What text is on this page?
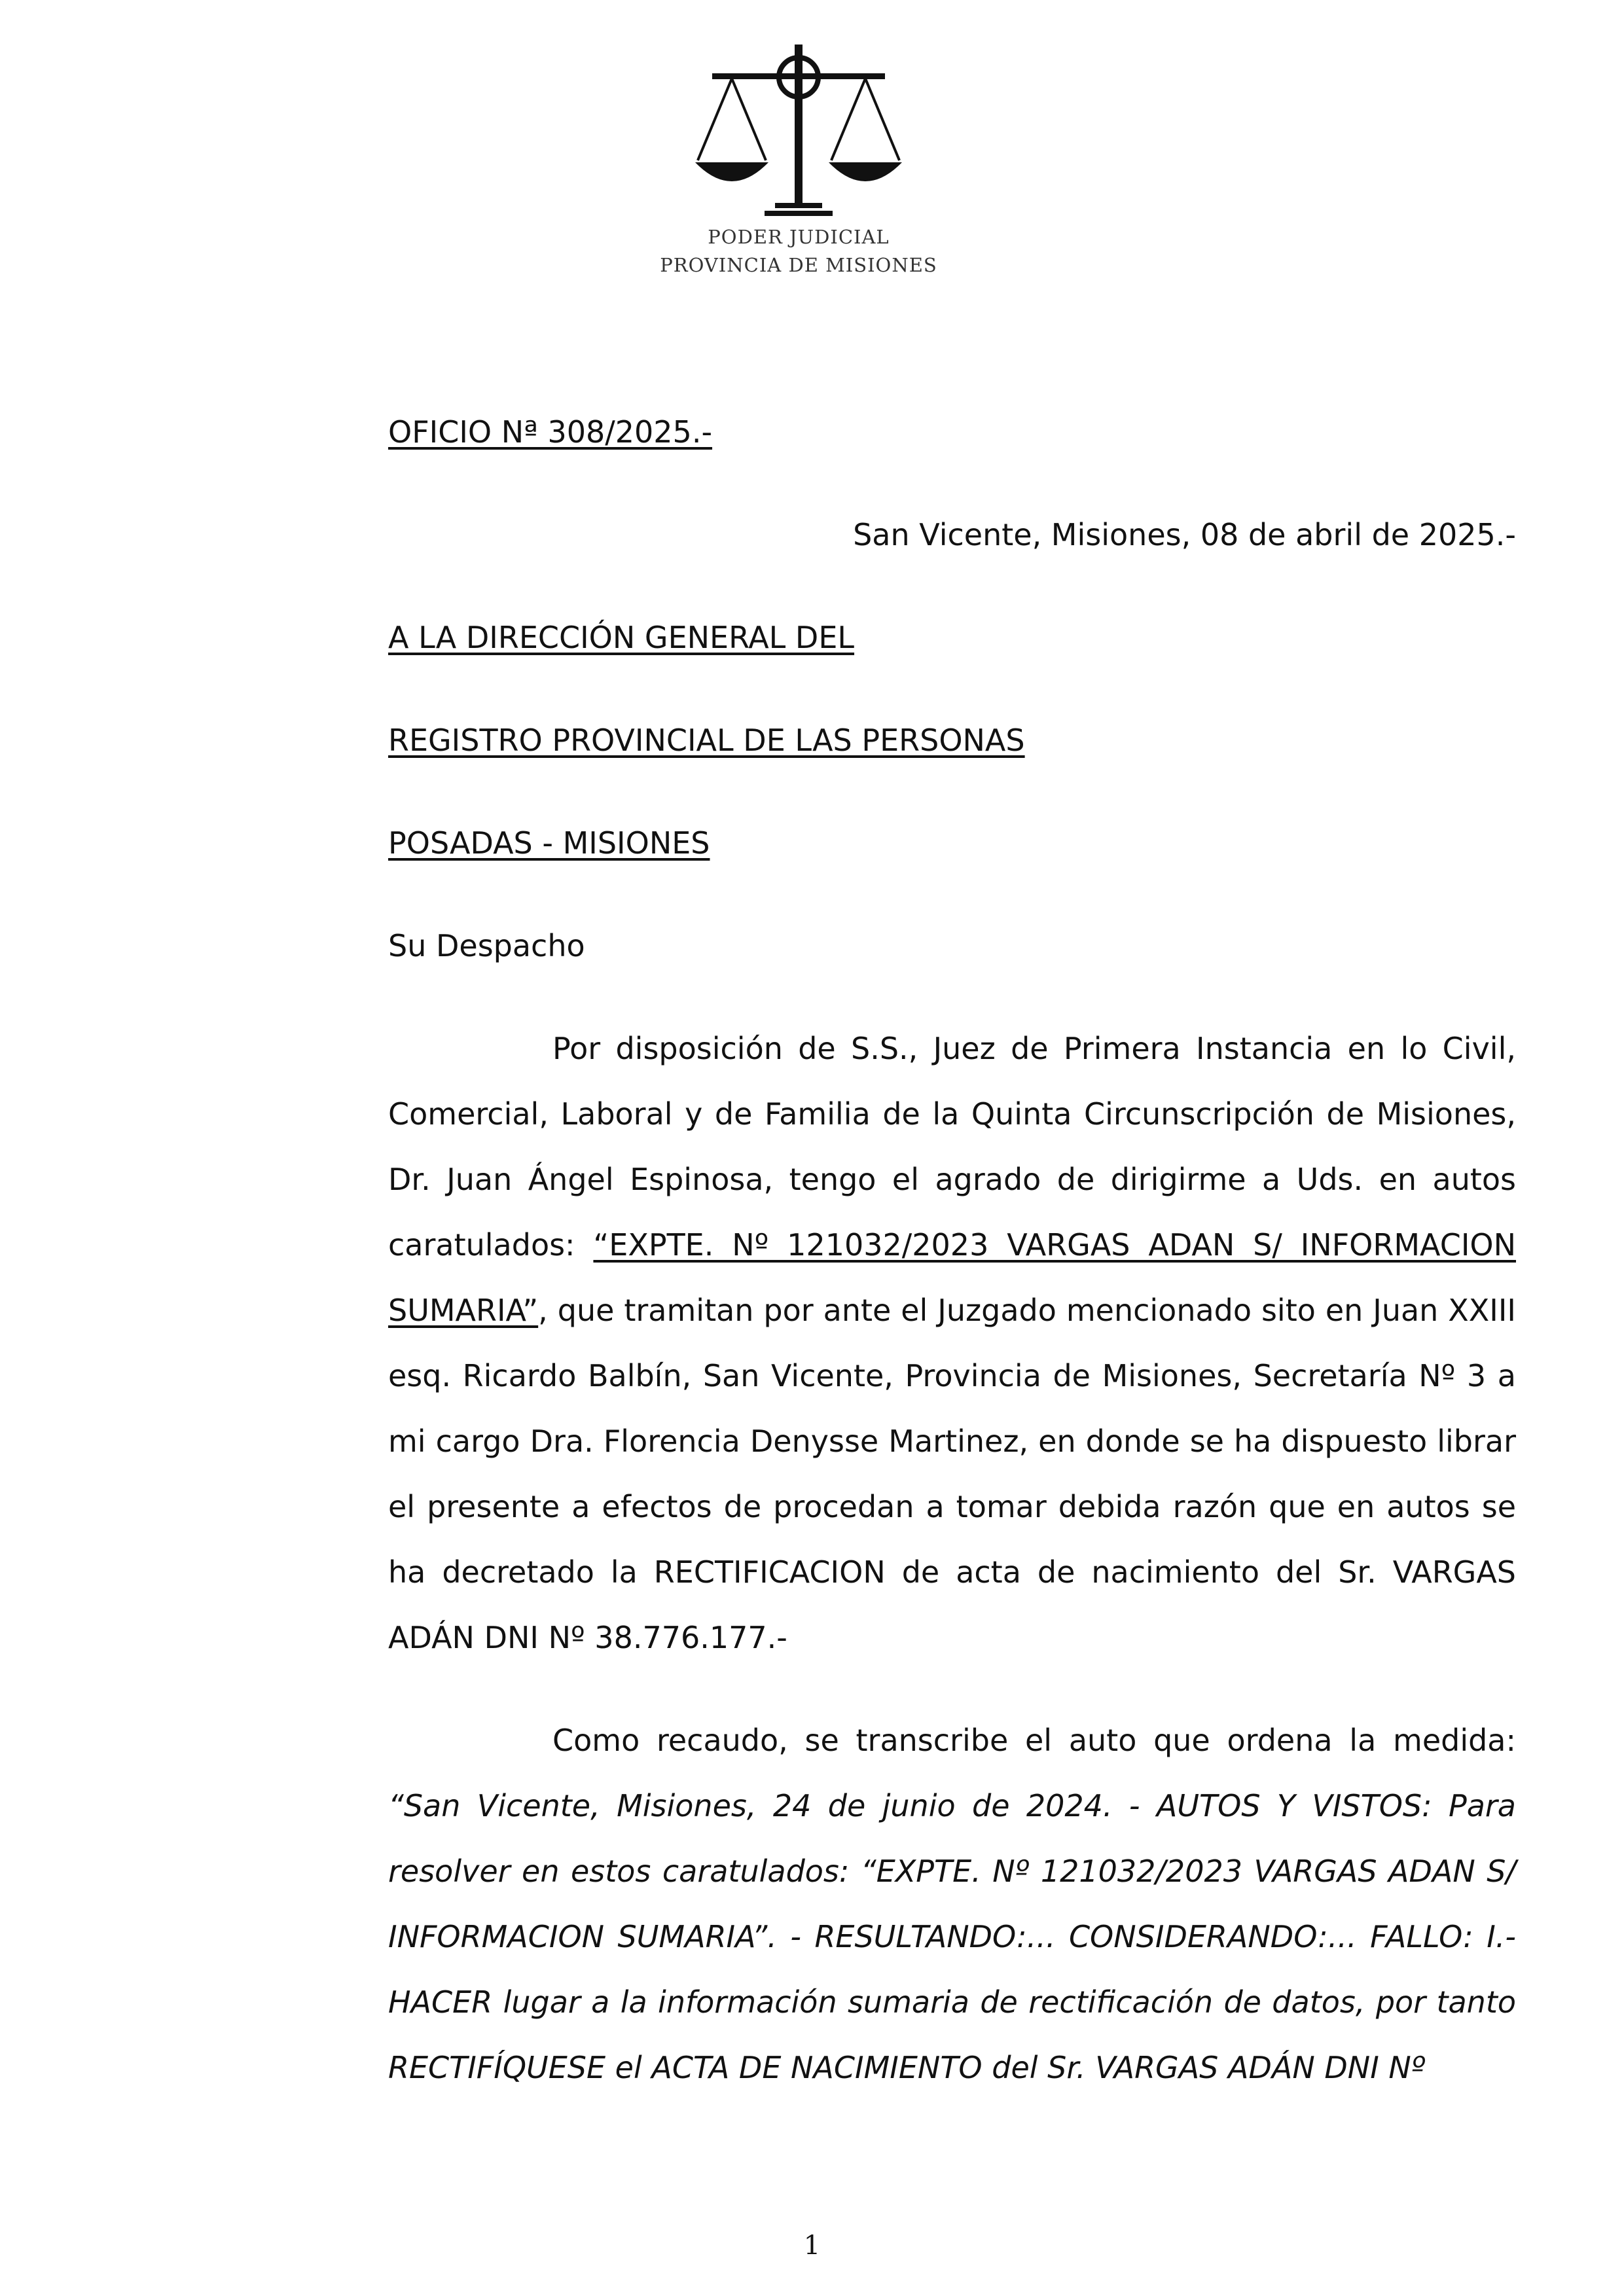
PODER JUDICIAL
PROVINCIA DE MISIONES

OFICIO Nª 308/2025.-

San Vicente, Misiones, 08 de abril de 2025.-

A LA DIRECCIÓN GENERAL DEL

REGISTRO PROVINCIAL DE LAS PERSONAS

POSADAS - MISIONES

Su Despacho

Por disposición de S.S., Juez de Primera Instancia en lo Civil, Comercial, Laboral y de Familia de la Quinta Circunscripción de Misiones, Dr. Juan Ángel Espinosa, tengo el agrado de dirigirme a Uds. en autos caratulados: “EXPTE. Nº 121032/2023 VARGAS ADAN S/ INFORMACION SUMARIA”, que tramitan por ante el Juzgado mencionado sito en Juan XXIII esq. Ricardo Balbín, San Vicente, Provincia de Misiones, Secretaría Nº 3 a mi cargo Dra. Florencia Denysse Martinez, en donde se ha dispuesto librar el presente a efectos de procedan a tomar debida razón que en autos se ha decretado la RECTIFICACION de acta de nacimiento del Sr. VARGAS ADÁN DNI Nº 38.776.177.-

Como recaudo, se transcribe el auto que ordena la medida: “San Vicente, Misiones, 24 de junio de 2024. - AUTOS Y VISTOS: Para resolver en estos caratulados: “EXPTE. Nº 121032/2023 VARGAS ADAN S/ INFORMACION SUMARIA”. - RESULTANDO:... CONSIDERANDO:... FALLO: I.- HACER lugar a la información sumaria de rectificación de datos, por tanto RECTIFÍQUESE el ACTA DE NACIMIENTO del Sr. VARGAS ADÁN DNI Nº

1
